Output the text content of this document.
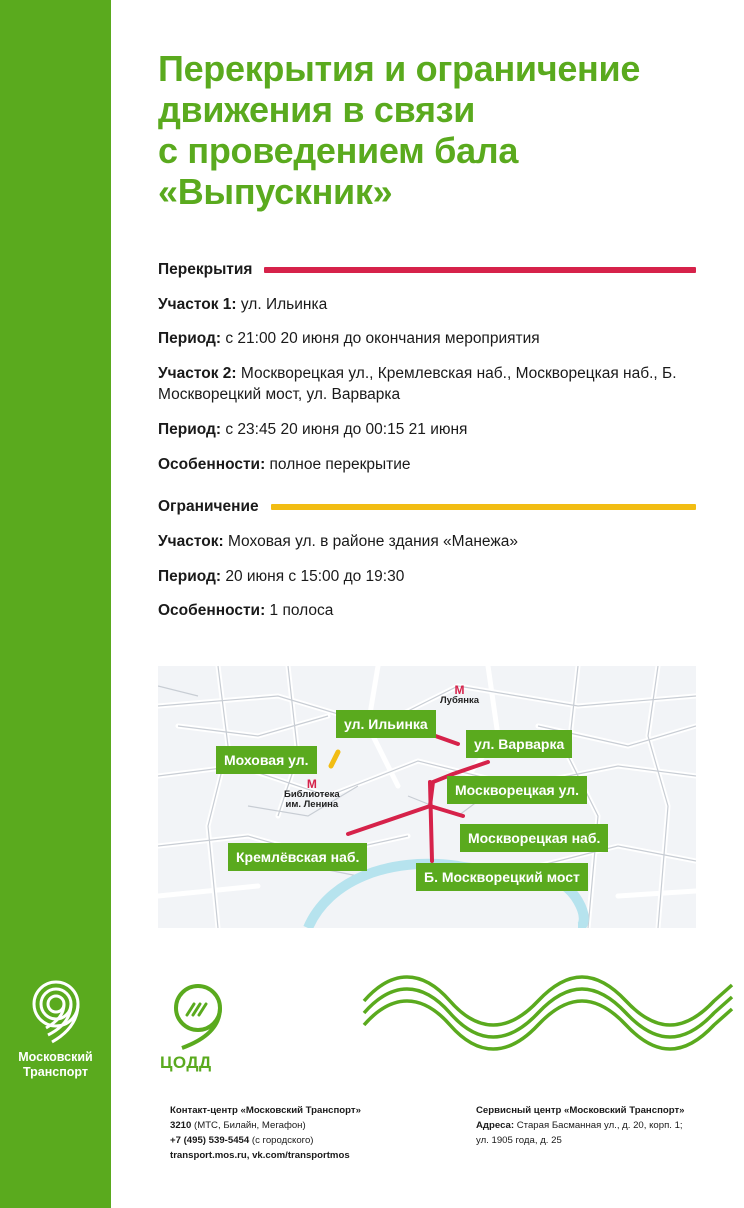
Московский
Транспорт
Перекрытия и ограничение
движения в связи
с проведением бала
«Выпускник»
Перекрытия
Участок 1: ул. Ильинка
Период: с 21:00 20 июня до окончания мероприятия
Участок 2: Москворецкая ул., Кремлевская наб., Москворецкая наб., Б. Москворецкий мост, ул. Варварка
Период: с 23:45 20 июня до 00:15 21 июня
Особенности: полное перекрытие
Ограничение
Участок: Моховая ул. в районе здания «Манежа»
Период: 20 июня с 15:00 до 19:30
Особенности: 1 полоса
М
Лубянка
М
Библиотека
им. Ленина
ул. Ильинка
ул. Варварка
Моховая ул.
Москворецкая ул.
Москворецкая наб.
Кремлёвская наб.
Б. Москворецкий мост
ЦОДД
Контакт-центр «Московский Транспорт»
3210 (МТС, Билайн, Мегафон)
+7 (495) 539-5454 (с городского)
transport.mos.ru, vk.com/transportmos
Сервисный центр «Московский Транспорт»
Адреса: Старая Басманная ул., д. 20, корп. 1;
ул. 1905 года, д. 25
